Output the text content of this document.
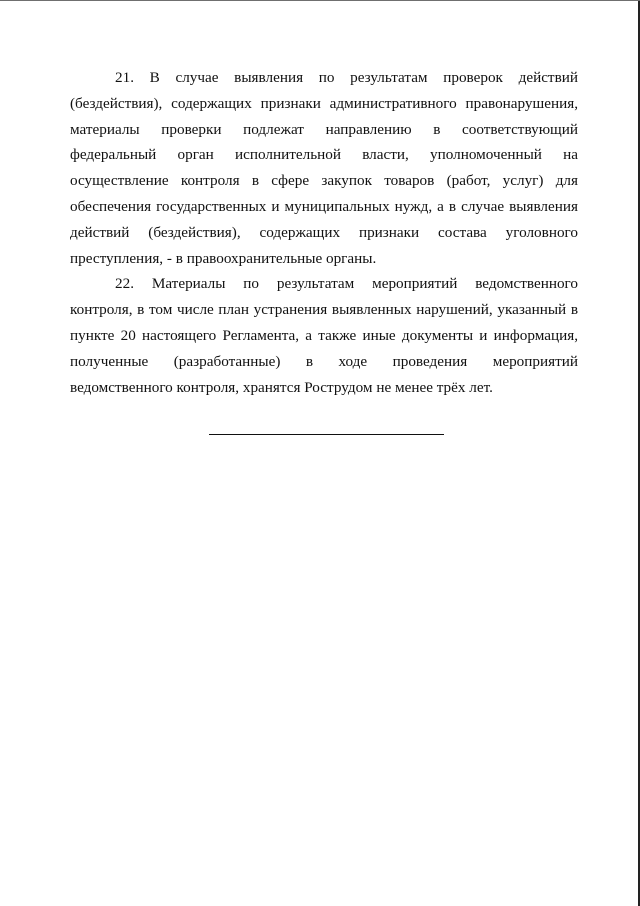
21. В случае выявления по результатам проверок действий
(бездействия), содержащих признаки административного правонарушения,
материалы проверки подлежат направлению в соответствующий
федеральный орган исполнительной власти, уполномоченный на
осуществление контроля в сфере закупок товаров (работ, услуг) для
обеспечения государственных и муниципальных нужд, а в случае выявления
действий (бездействия), содержащих признаки состава уголовного
преступления, - в правоохранительные органы.
22. Материалы по результатам мероприятий ведомственного
контроля, в том числе план устранения выявленных нарушений, указанный в
пункте 20 настоящего Регламента, а также иные документы и информация,
полученные (разработанные) в ходе проведения мероприятий
ведомственного контроля, хранятся Рострудом не менее трёх лет.
